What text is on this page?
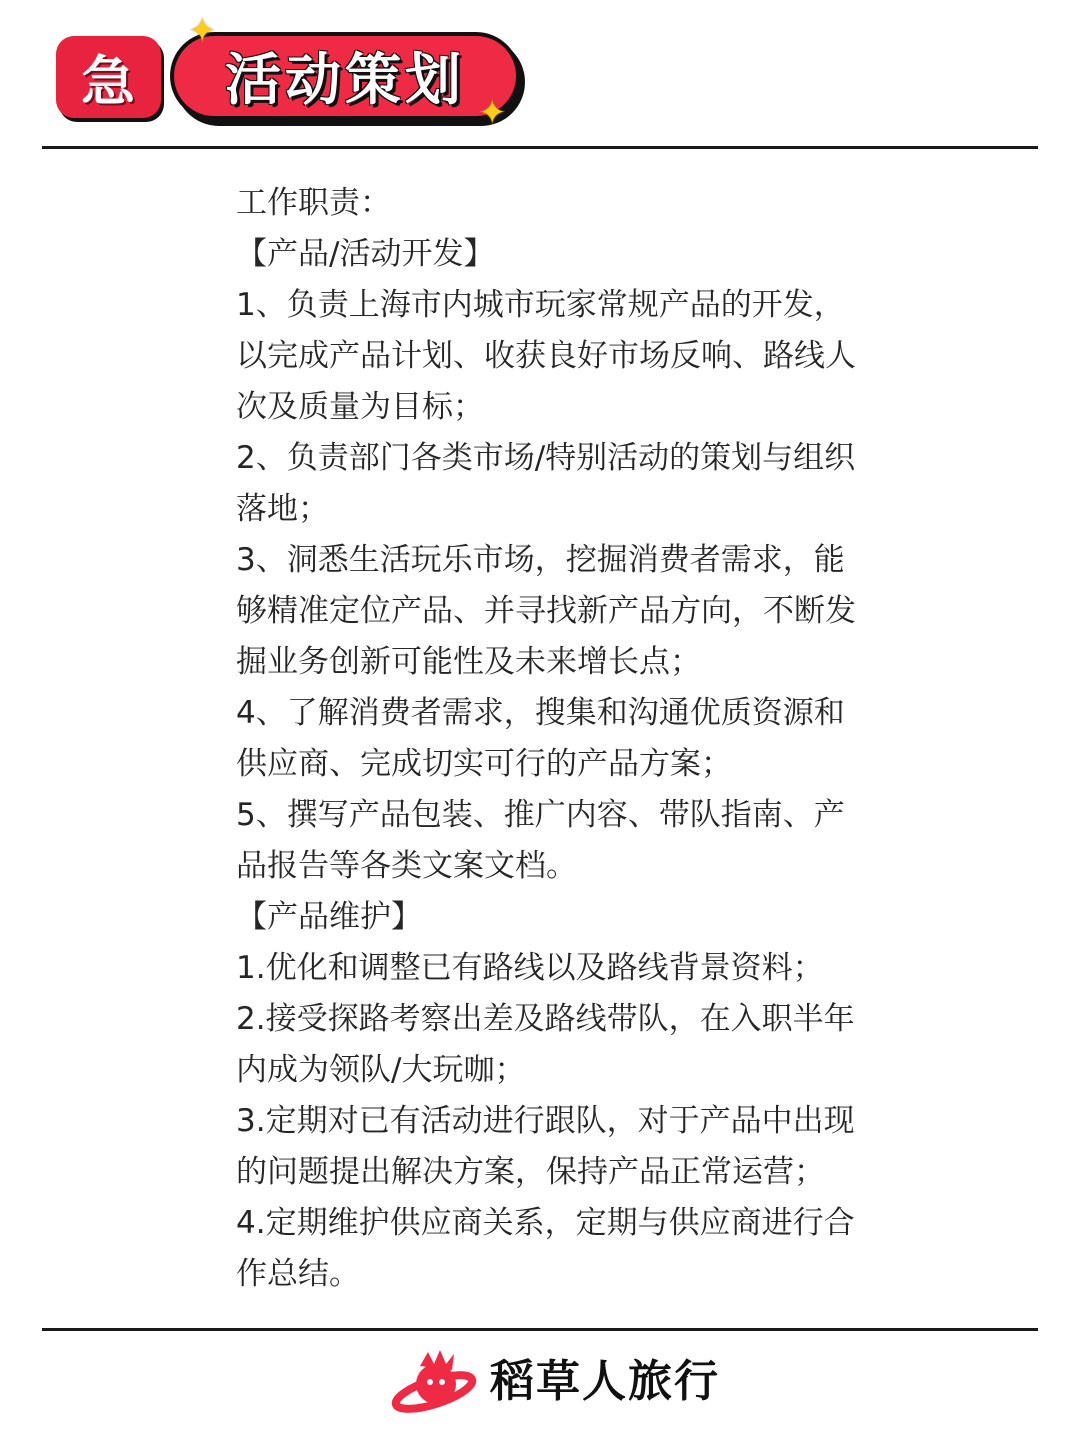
急 活动策划
✦
✦
工作职责：
【产品/活动开发】
1、负责上海市内城市玩家常规产品的开发，
以完成产品计划、收获良好市场反响、路线人
次及质量为目标；
2、负责部门各类市场/特别活动的策划与组织
落地；
3、洞悉生活玩乐市场，挖掘消费者需求，能
够精准定位产品、并寻找新产品方向，不断发
掘业务创新可能性及未来增长点；
4、了解消费者需求，搜集和沟通优质资源和
供应商、完成切实可行的产品方案；
5、撰写产品包装、推广内容、带队指南、产
品报告等各类文案文档。
【产品维护】
1.优化和调整已有路线以及路线背景资料；
2.接受探路考察出差及路线带队，在入职半年
内成为领队/大玩咖；
3.定期对已有活动进行跟队，对于产品中出现
的问题提出解决方案，保持产品正常运营；
4.定期维护供应商关系，定期与供应商进行合
作总结。
稻草人旅行
